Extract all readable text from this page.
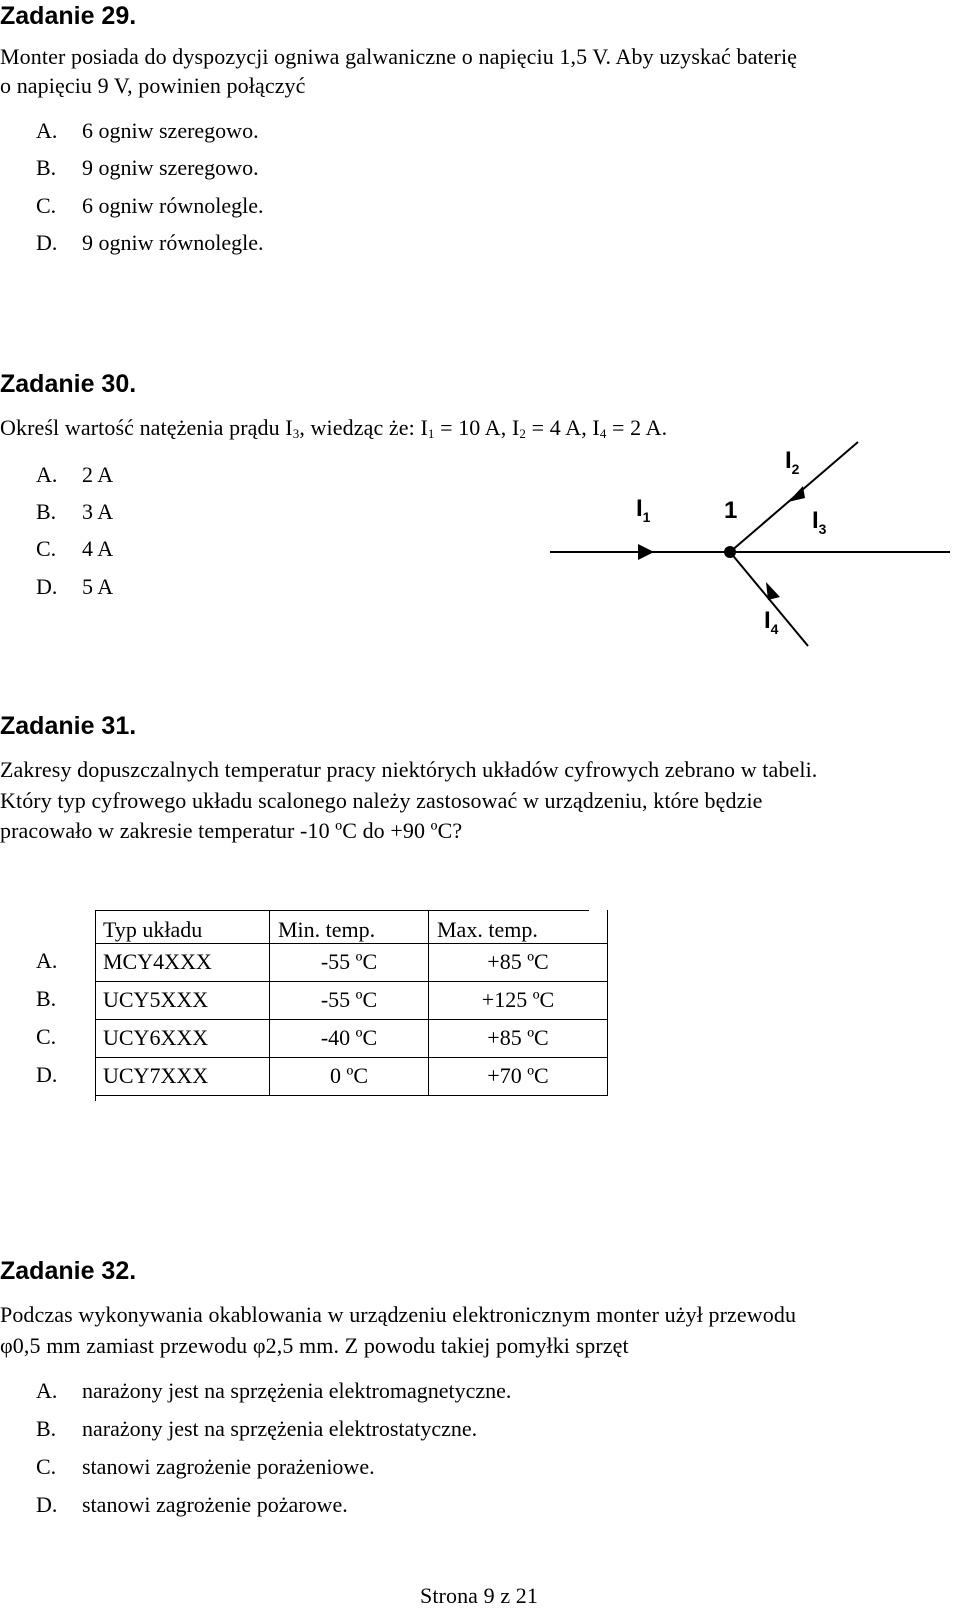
Zadanie 29.
Monter posiada do dyspozycji ogniwa galwaniczne o napięciu 1,5 V. Aby uzyskać baterię
o napięciu 9 V, powinien połączyć
A. 6 ogniw szeregowo.
B. 9 ogniw szeregowo.
C. 6 ogniw równolegle.
D. 9 ogniw równolegle.
Zadanie 30.
Określ wartość natężenia prądu $I_3$, wiedząc że: $I_1 = 10$ A, $I_2 = 4$ A, $I_4 = 2$ A.
A. 2 A
B. 3 A
C. 4 A
D. 5 A
$I_1$	1
$I_2$
$I_3$
$I_4$
Zadanie 31.
Zakresy dopuszczalnych temperatur pracy niektórych układów cyfrowych zebrano w tabeli.
Który typ cyfrowego układu scalonego należy zastosować w urządzeniu, które będzie
pracowało w zakresie temperatur -10 ºC do +90 ºC?
Typ układu	Min. temp.	Max. temp.
MCY4XXX	-55 ºC	+85 ºC
UCY5XXX	-55 ºC	+125 ºC
UCY6XXX	-40 ºC	+85 ºC
UCY7XXX	0 ºC	+70 ºC
A.
B.
C.
D.
Zadanie 32.
Podczas wykonywania okablowania w urządzeniu elektronicznym monter użył przewodu
φ0,5 mm zamiast przewodu φ2,5 mm. Z powodu takiej pomyłki sprzęt
A. narażony jest na sprzężenia elektromagnetyczne.
B. narażony jest na sprzężenia elektrostatyczne.
C. stanowi zagrożenie porażeniowe.
D. stanowi zagrożenie pożarowe.
Strona 9 z 21
